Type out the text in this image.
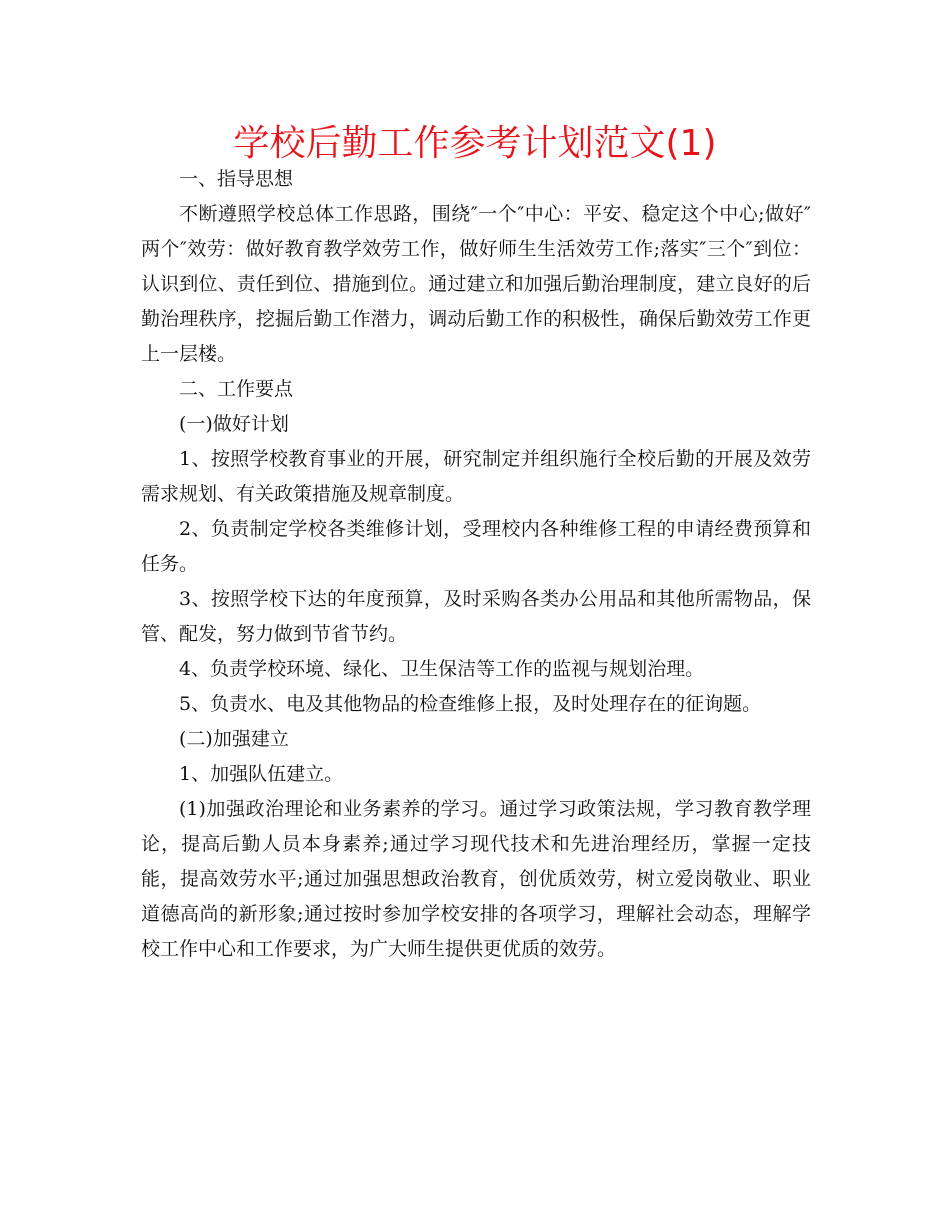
学校后勤工作参考计划范文(1)

一、指导思想

不断遵照学校总体工作思路，围绕″一个″中心：平安、稳定这个中心;做好″两个″效劳：做好教育教学效劳工作，做好师生生活效劳工作;落实″三个″到位：认识到位、责任到位、措施到位。通过建立和加强后勤治理制度，建立良好的后勤治理秩序，挖掘后勤工作潜力，调动后勤工作的积极性，确保后勤效劳工作更上一层楼。

二、工作要点

(一)做好计划

1、按照学校教育事业的开展，研究制定并组织施行全校后勤的开展及效劳需求规划、有关政策措施及规章制度。

2、负责制定学校各类维修计划，受理校内各种维修工程的申请经费预算和任务。

3、按照学校下达的年度预算，及时采购各类办公用品和其他所需物品，保管、配发，努力做到节省节约。

4、负责学校环境、绿化、卫生保洁等工作的监视与规划治理。

5、负责水、电及其他物品的检查维修上报，及时处理存在的征询题。

(二)加强建立

1、加强队伍建立。

(1)加强政治理论和业务素养的学习。通过学习政策法规，学习教育教学理论，提高后勤人员本身素养;通过学习现代技术和先进治理经历，掌握一定技能，提高效劳水平;通过加强思想政治教育，创优质效劳，树立爱岗敬业、职业道德高尚的新形象;通过按时参加学校安排的各项学习，理解社会动态，理解学校工作中心和工作要求，为广大师生提供更优质的效劳。
